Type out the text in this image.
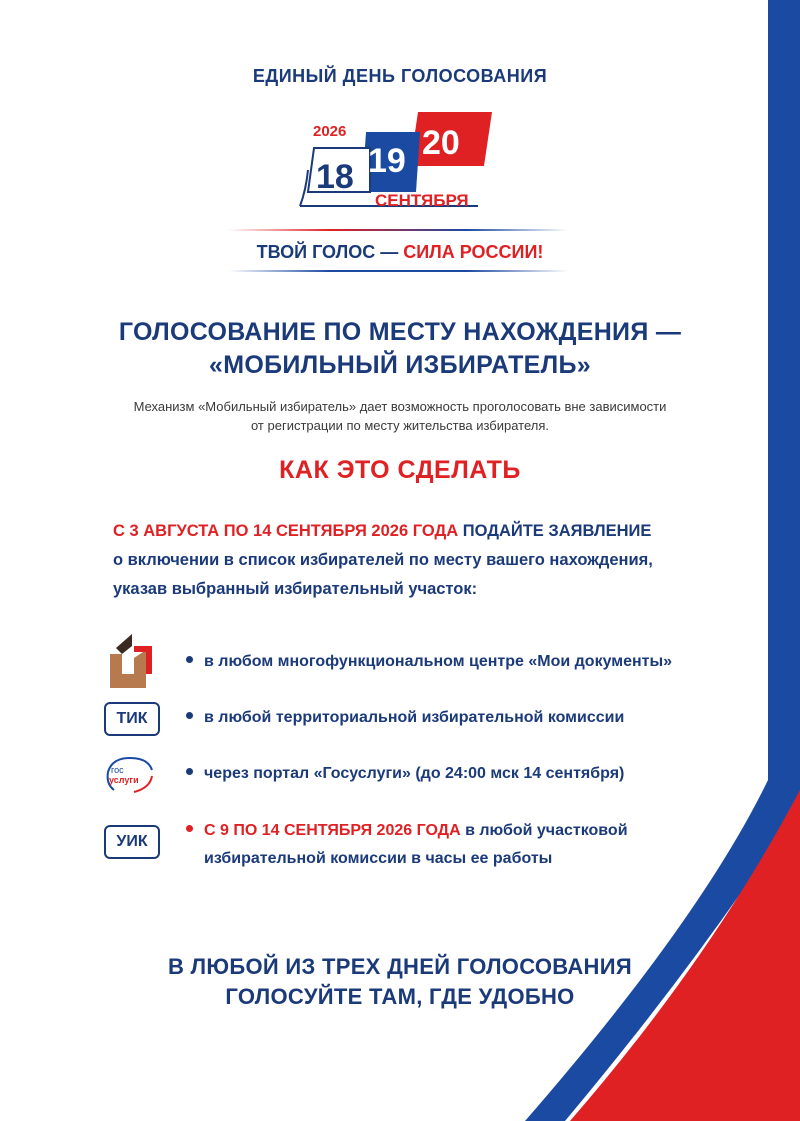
ЕДИНЫЙ ДЕНЬ ГОЛОСОВАНИЯ
2026
18 19 20
СЕНТЯБРЯ
ТВОЙ ГОЛОС — СИЛА РОССИИ!
ГОЛОСОВАНИЕ ПО МЕСТУ НАХОЖДЕНИЯ —
«МОБИЛЬНЫЙ ИЗБИРАТЕЛЬ»
Механизм «Мобильный избиратель» дает возможность проголосовать вне зависимости
от регистрации по месту жительства избирателя.
КАК ЭТО СДЕЛАТЬ
С 3 АВГУСТА ПО 14 СЕНТЯБРЯ 2026 ГОДА ПОДАЙТЕ ЗАЯВЛЕНИЕ
о включении в список избирателей по месту вашего нахождения,
указав выбранный избирательный участок:
в любом многофункциональном центре «Мои документы»
ТИК	в любой территориальной избирательной комиссии
гос
услуги	через портал «Госуслуги» (до 24:00 мск 14 сентября)
УИК
С 9 ПО 14 СЕНТЯБРЯ 2026 ГОДА в любой участковой
избирательной комиссии в часы ее работы
В ЛЮБОЙ ИЗ ТРЕХ ДНЕЙ ГОЛОСОВАНИЯ
ГОЛОСУЙТЕ ТАМ, ГДЕ УДОБНО
